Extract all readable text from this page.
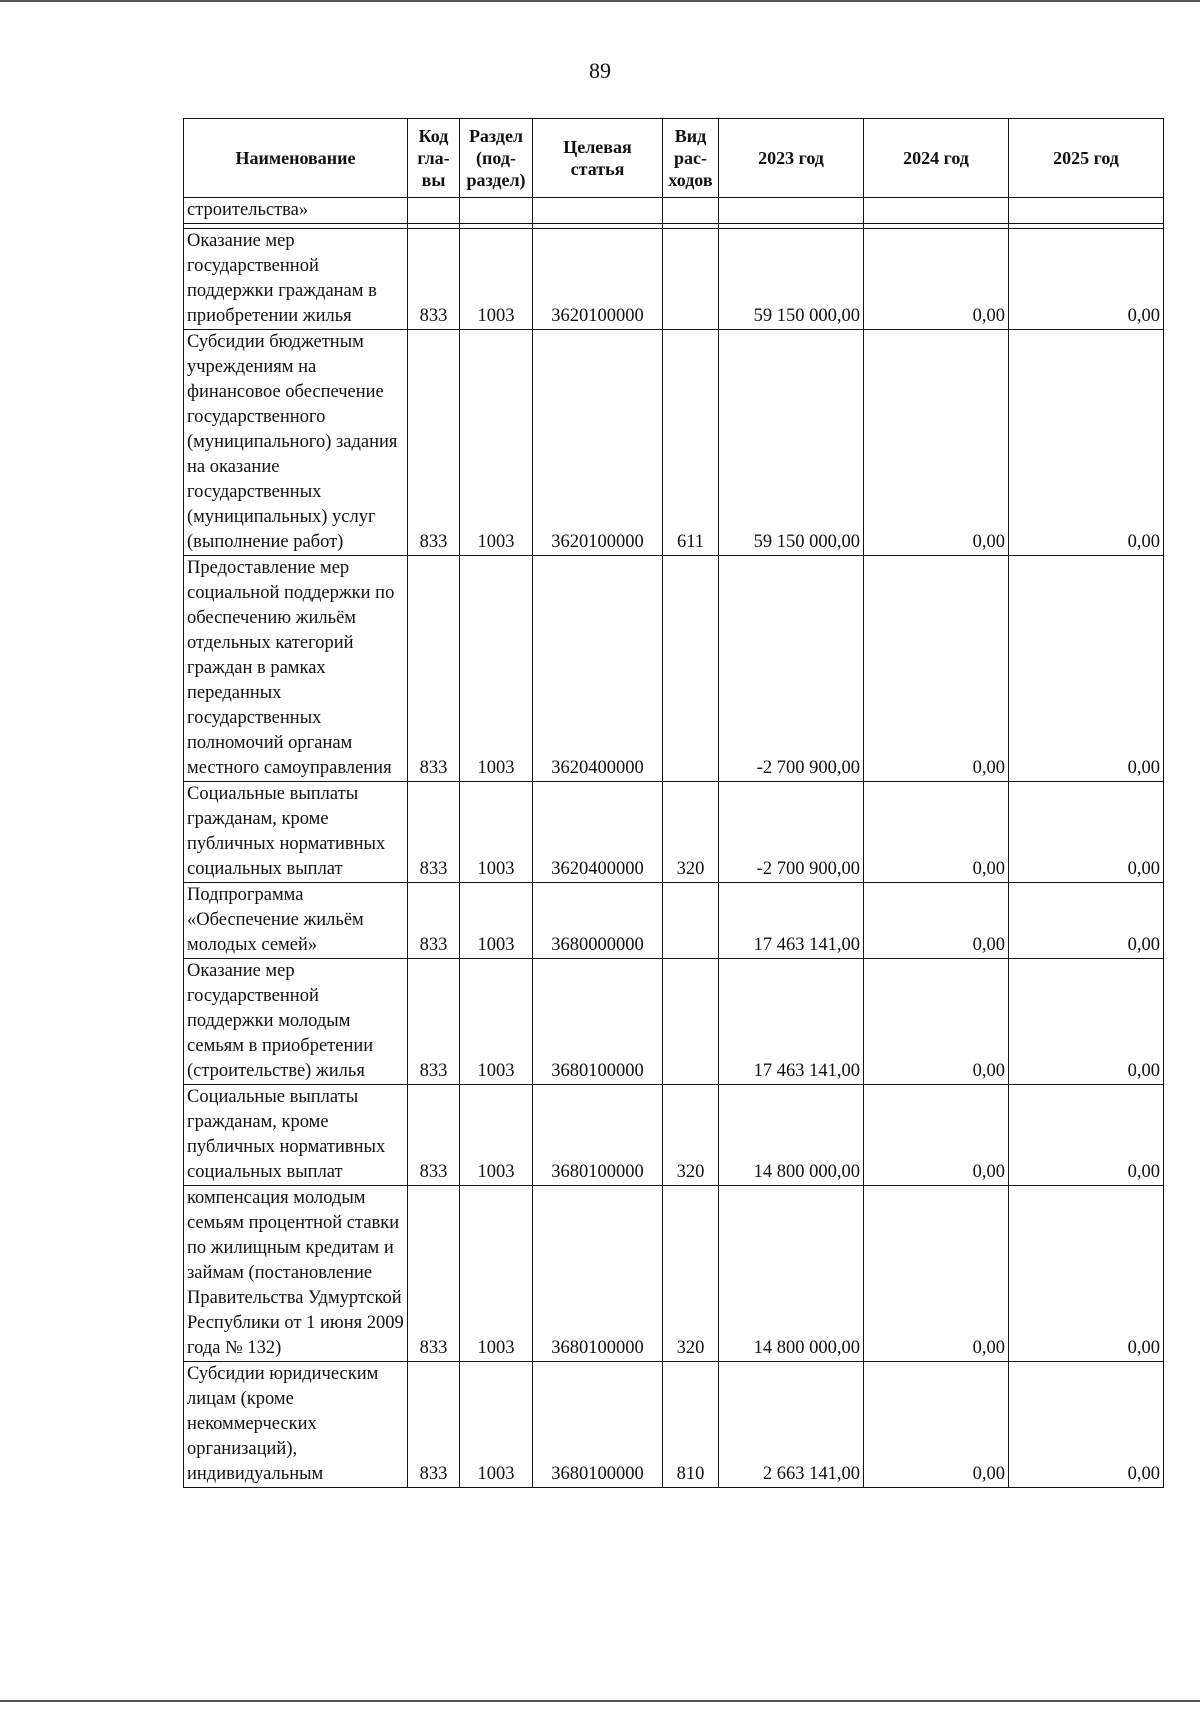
89
Наименование	Код гла-вы	Раздел (под-раздел)	Целевая статья	Вид рас-ходов	2023 год	2024 год	2025 год
строительства»							

Оказание мер государственной поддержки гражданам в приобретении жилья	833	1003	3620100000		59 150 000,00	0,00	0,00
Субсидии бюджетным учреждениям на финансовое обеспечение государственного (муниципального) задания на оказание государственных (муниципальных) услуг (выполнение работ)	833	1003	3620100000	611	59 150 000,00	0,00	0,00
Предоставление мер социальной поддержки по обеспечению жильём отдельных категорий граждан в рамках переданных государственных полномочий органам местного самоуправления	833	1003	3620400000		-2 700 900,00	0,00	0,00
Социальные выплаты гражданам, кроме публичных нормативных социальных выплат	833	1003	3620400000	320	-2 700 900,00	0,00	0,00
Подпрограмма «Обеспечение жильём молодых семей»	833	1003	3680000000		17 463 141,00	0,00	0,00
Оказание мер государственной поддержки молодым семьям в приобретении (строительстве) жилья	833	1003	3680100000		17 463 141,00	0,00	0,00
Социальные выплаты гражданам, кроме публичных нормативных социальных выплат	833	1003	3680100000	320	14 800 000,00	0,00	0,00
компенсация молодым семьям процентной ставки по жилищным кредитам и займам (постановление Правительства Удмуртской Республики от 1 июня 2009 года № 132)	833	1003	3680100000	320	14 800 000,00	0,00	0,00
Субсидии юридическим лицам (кроме некоммерческих организаций), индивидуальным	833	1003	3680100000	810	2 663 141,00	0,00	0,00
